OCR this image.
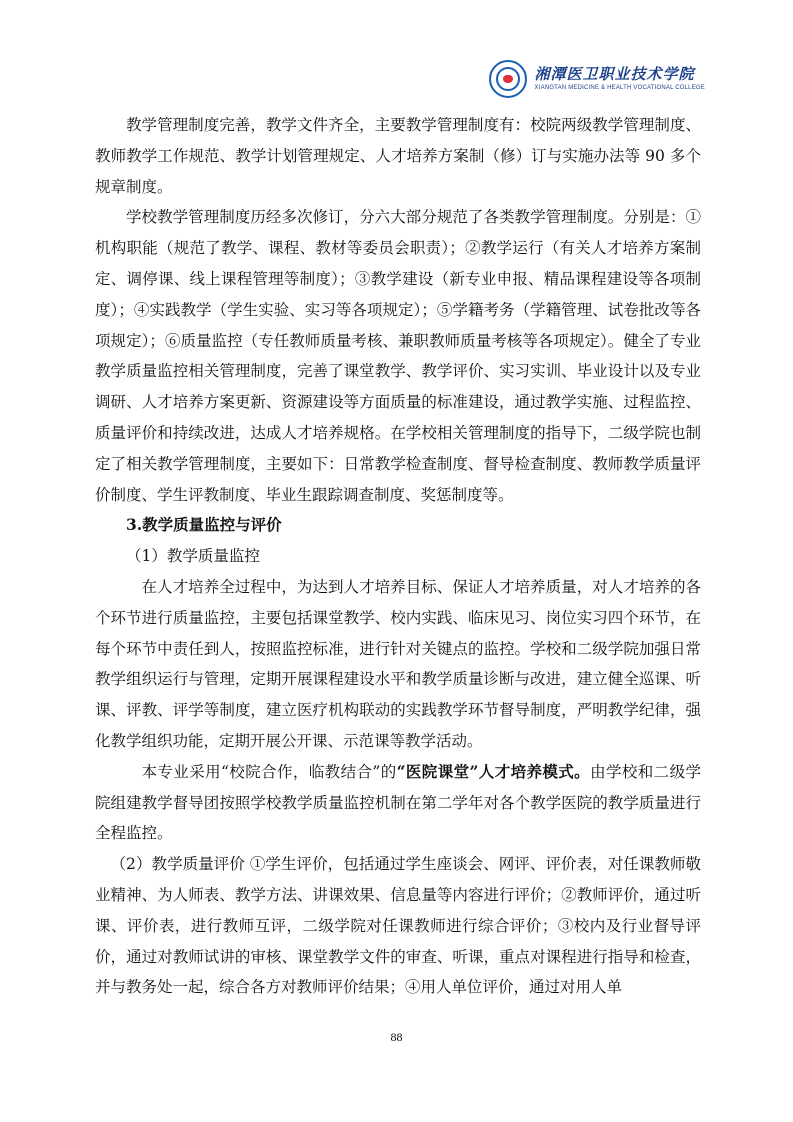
湘潭医卫职业技术学院
XIANGTAN MEDICINE & HEALTH VOCATIONAL COLLEGE

教学管理制度完善，教学文件齐全，主要教学管理制度有：校院两级教学管理制度、教师教学工作规范、教学计划管理规定、人才培养方案制（修）订与实施办法等 90 多个规章制度。

学校教学管理制度历经多次修订，分六大部分规范了各类教学管理制度。分别是：①机构职能（规范了教学、课程、教材等委员会职责）；②教学运行（有关人才培养方案制定、调停课、线上课程管理等制度）；③教学建设（新专业申报、精品课程建设等各项制度）；④实践教学（学生实验、实习等各项规定）；⑤学籍考务（学籍管理、试卷批改等各项规定）；⑥质量监控（专任教师质量考核、兼职教师质量考核等各项规定）。健全了专业教学质量监控相关管理制度，完善了课堂教学、教学评价、实习实训、毕业设计以及专业调研、人才培养方案更新、资源建设等方面质量的标准建设，通过教学实施、过程监控、质量评价和持续改进，达成人才培养规格。在学校相关管理制度的指导下，二级学院也制定了相关教学管理制度，主要如下：日常教学检查制度、督导检查制度、教师教学质量评价制度、学生评教制度、毕业生跟踪调查制度、奖惩制度等。

3.教学质量监控与评价

（1）教学质量监控

在人才培养全过程中，为达到人才培养目标、保证人才培养质量，对人才培养的各个环节进行质量监控，主要包括课堂教学、校内实践、临床见习、岗位实习四个环节，在每个环节中责任到人，按照监控标准，进行针对关键点的监控。学校和二级学院加强日常教学组织运行与管理，定期开展课程建设水平和教学质量诊断与改进，建立健全巡课、听课、评教、评学等制度，建立医疗机构联动的实践教学环节督导制度，严明教学纪律，强化教学组织功能，定期开展公开课、示范课等教学活动。

本专业采用“校院合作，临教结合”的“医院课堂”人才培养模式。由学校和二级学院组建教学督导团按照学校教学质量监控机制在第二学年对各个教学医院的教学质量进行全程监控。

（2）教学质量评价 ①学生评价，包括通过学生座谈会、网评、评价表，对任课教师敬业精神、为人师表、教学方法、讲课效果、信息量等内容进行评价；②教师评价，通过听课、评价表，进行教师互评，二级学院对任课教师进行综合评价；③校内及行业督导评价，通过对教师试讲的审核、课堂教学文件的审查、听课，重点对课程进行指导和检查，并与教务处一起，综合各方对教师评价结果；④用人单位评价，通过对用人单

88
